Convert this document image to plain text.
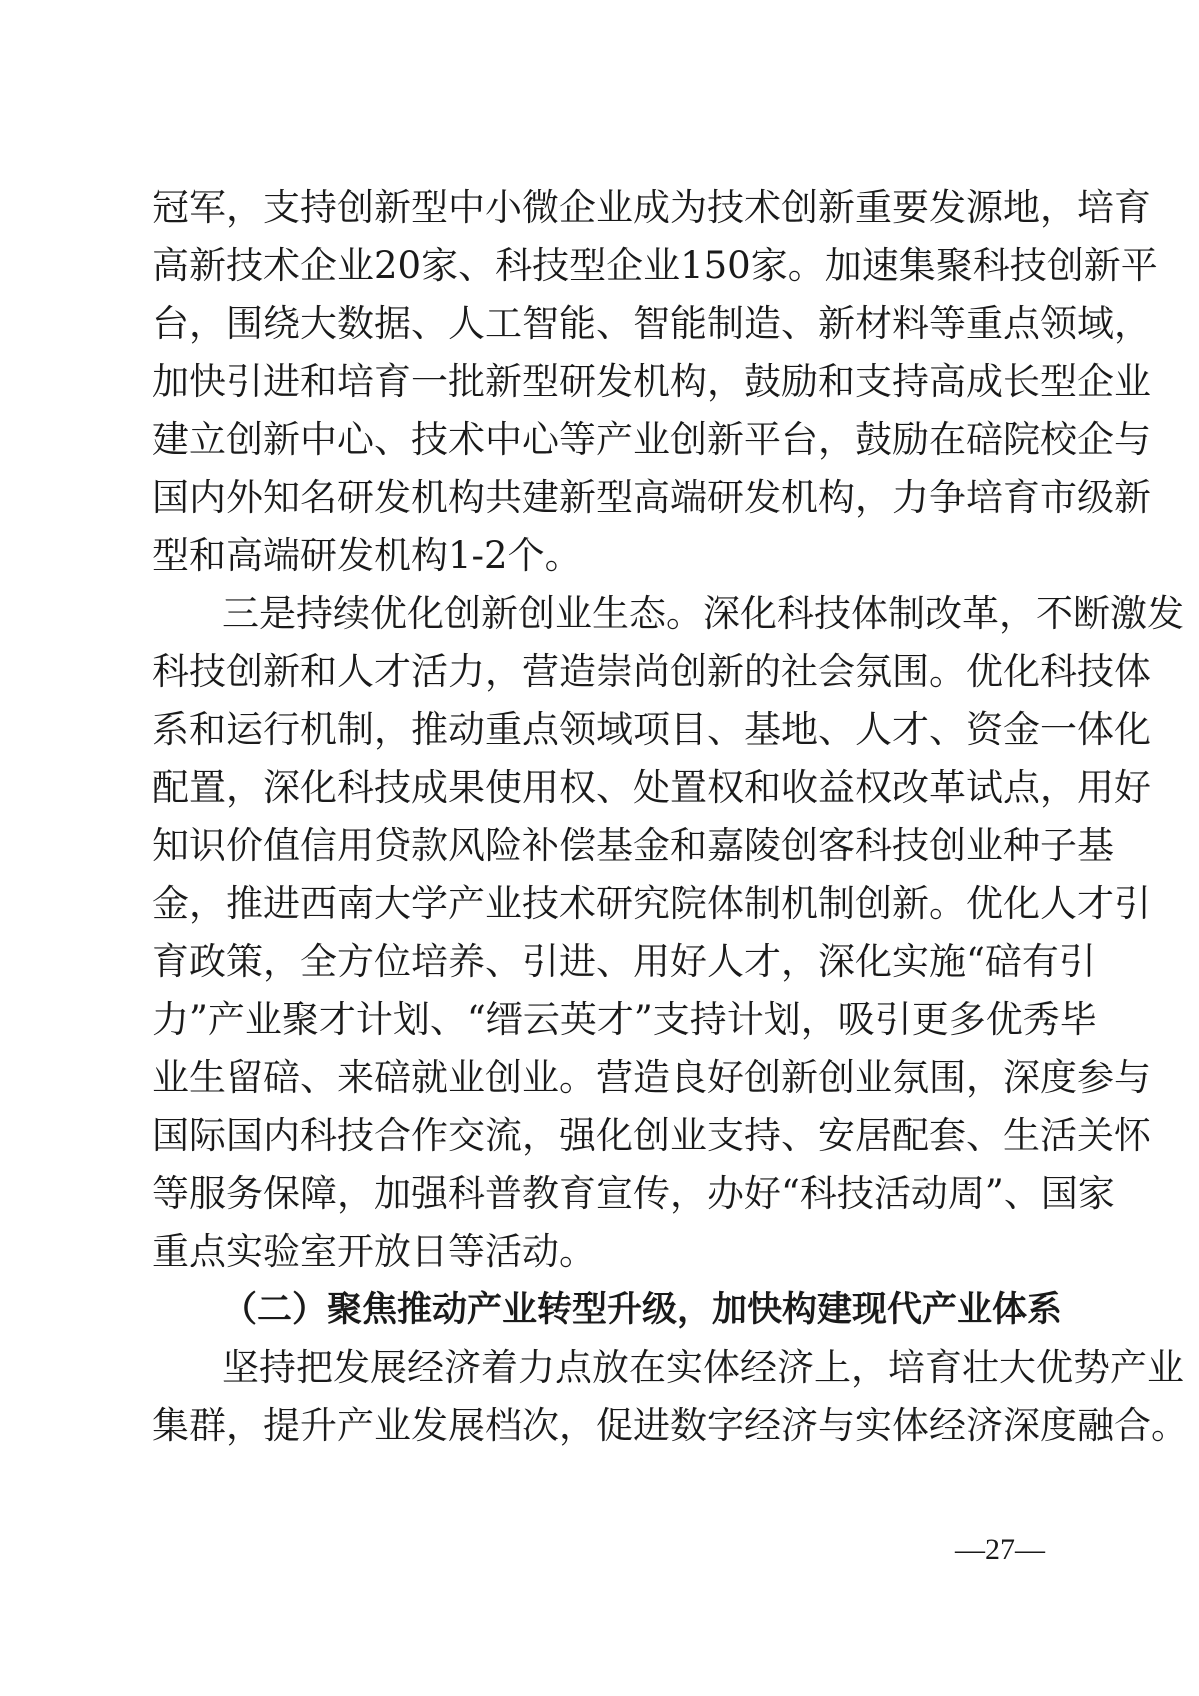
冠军，支持创新型中小微企业成为技术创新重要发源地，培育
高新技术企业20家、科技型企业150家。加速集聚科技创新平
台，围绕大数据、人工智能、智能制造、新材料等重点领域，
加快引进和培育一批新型研发机构，鼓励和支持高成长型企业
建立创新中心、技术中心等产业创新平台，鼓励在碚院校企与
国内外知名研发机构共建新型高端研发机构，力争培育市级新
型和高端研发机构1-2个。
三是持续优化创新创业生态。深化科技体制改革，不断激发
科技创新和人才活力，营造崇尚创新的社会氛围。优化科技体
系和运行机制，推动重点领域项目、基地、人才、资金一体化
配置，深化科技成果使用权、处置权和收益权改革试点，用好
知识价值信用贷款风险补偿基金和嘉陵创客科技创业种子基
金，推进西南大学产业技术研究院体制机制创新。优化人才引
育政策，全方位培养、引进、用好人才，深化实施“碚有引
力”产业聚才计划、“缙云英才”支持计划，吸引更多优秀毕
业生留碚、来碚就业创业。营造良好创新创业氛围，深度参与
国际国内科技合作交流，强化创业支持、安居配套、生活关怀
等服务保障，加强科普教育宣传，办好“科技活动周”、国家
重点实验室开放日等活动。
（二）聚焦推动产业转型升级，加快构建现代产业体系
坚持把发展经济着力点放在实体经济上，培育壮大优势产业
集群，提升产业发展档次，促进数字经济与实体经济深度融合。
—27—
